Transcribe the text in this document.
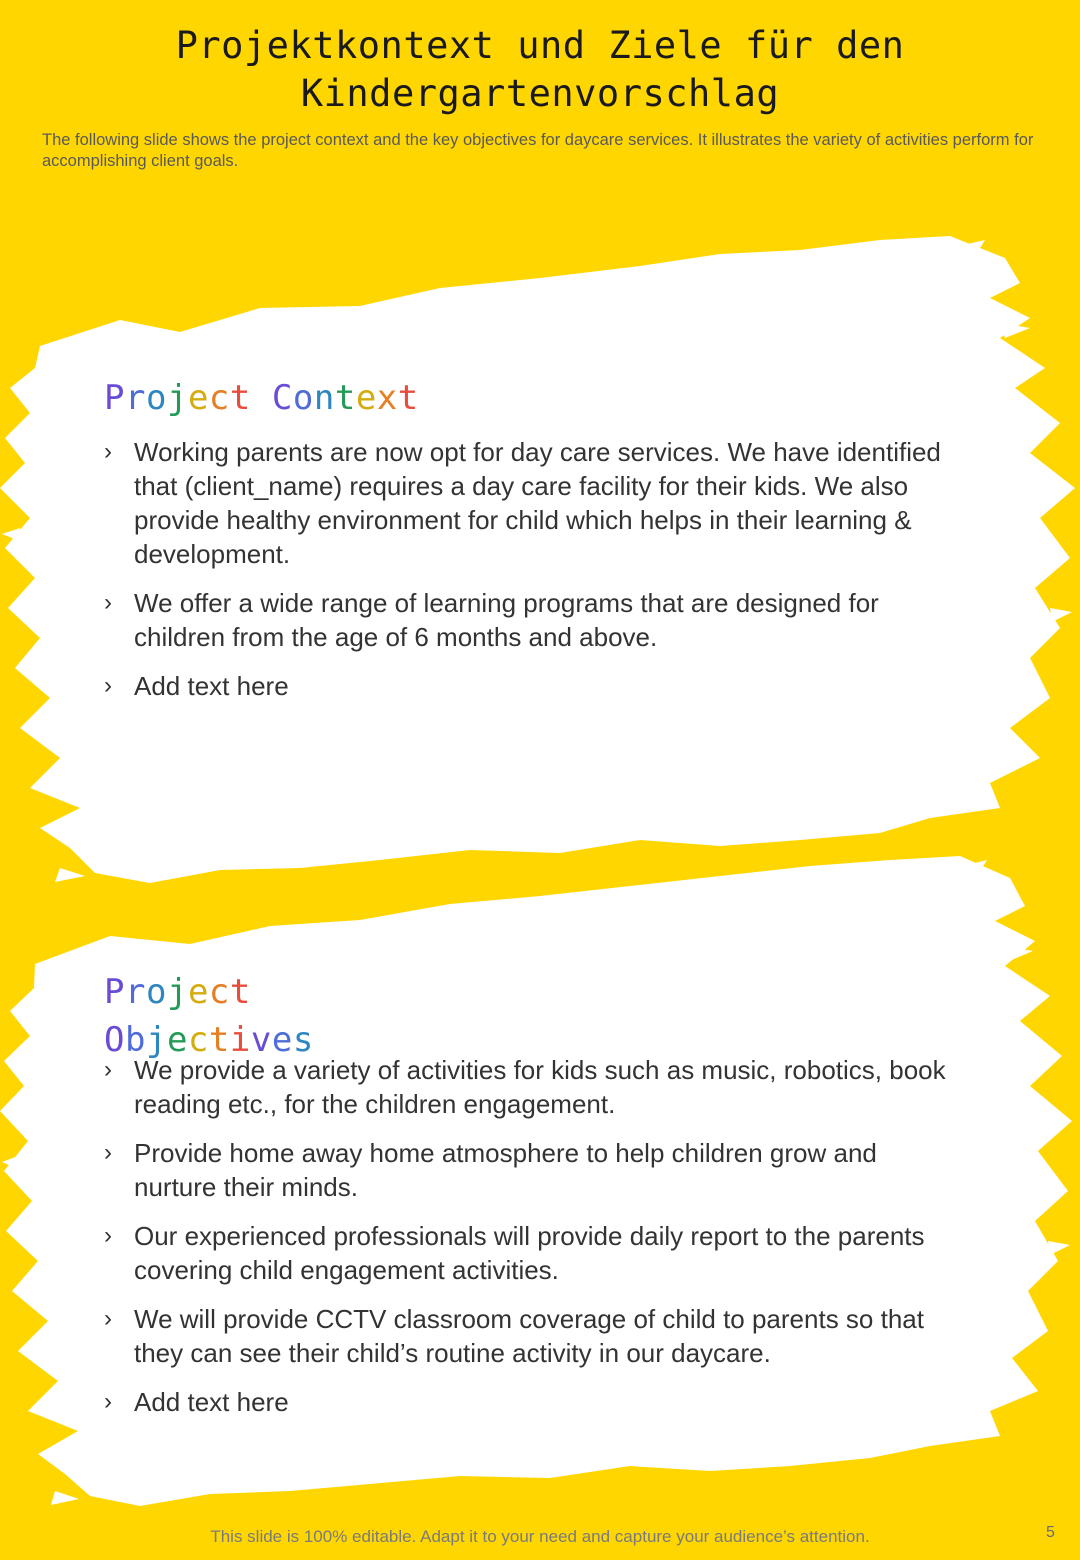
Projektkontext und Ziele für den
Kindergartenvorschlag
The following slide shows the project context and the key objectives for daycare services. It illustrates the variety of activities perform for accomplishing client goals.
Project Context
› Working parents are now opt for day care services. We have identified that (client_name) requires a day care facility for their kids. We also provide healthy environment for child which helps in their learning & development.
› We offer a wide range of learning programs that are designed for children from the age of 6 months and above.
› Add text here
Project Objectives
› We provide a variety of activities for kids such as music, robotics, book reading etc., for the children engagement.
› Provide home away home atmosphere to help children grow and nurture their minds.
› Our experienced professionals will provide daily report to the parents covering child engagement activities.
› We will provide CCTV classroom coverage of child to parents so that they can see their child’s routine activity in our daycare.
› Add text here
This slide is 100% editable. Adapt it to your need and capture your audience’s attention.	5
